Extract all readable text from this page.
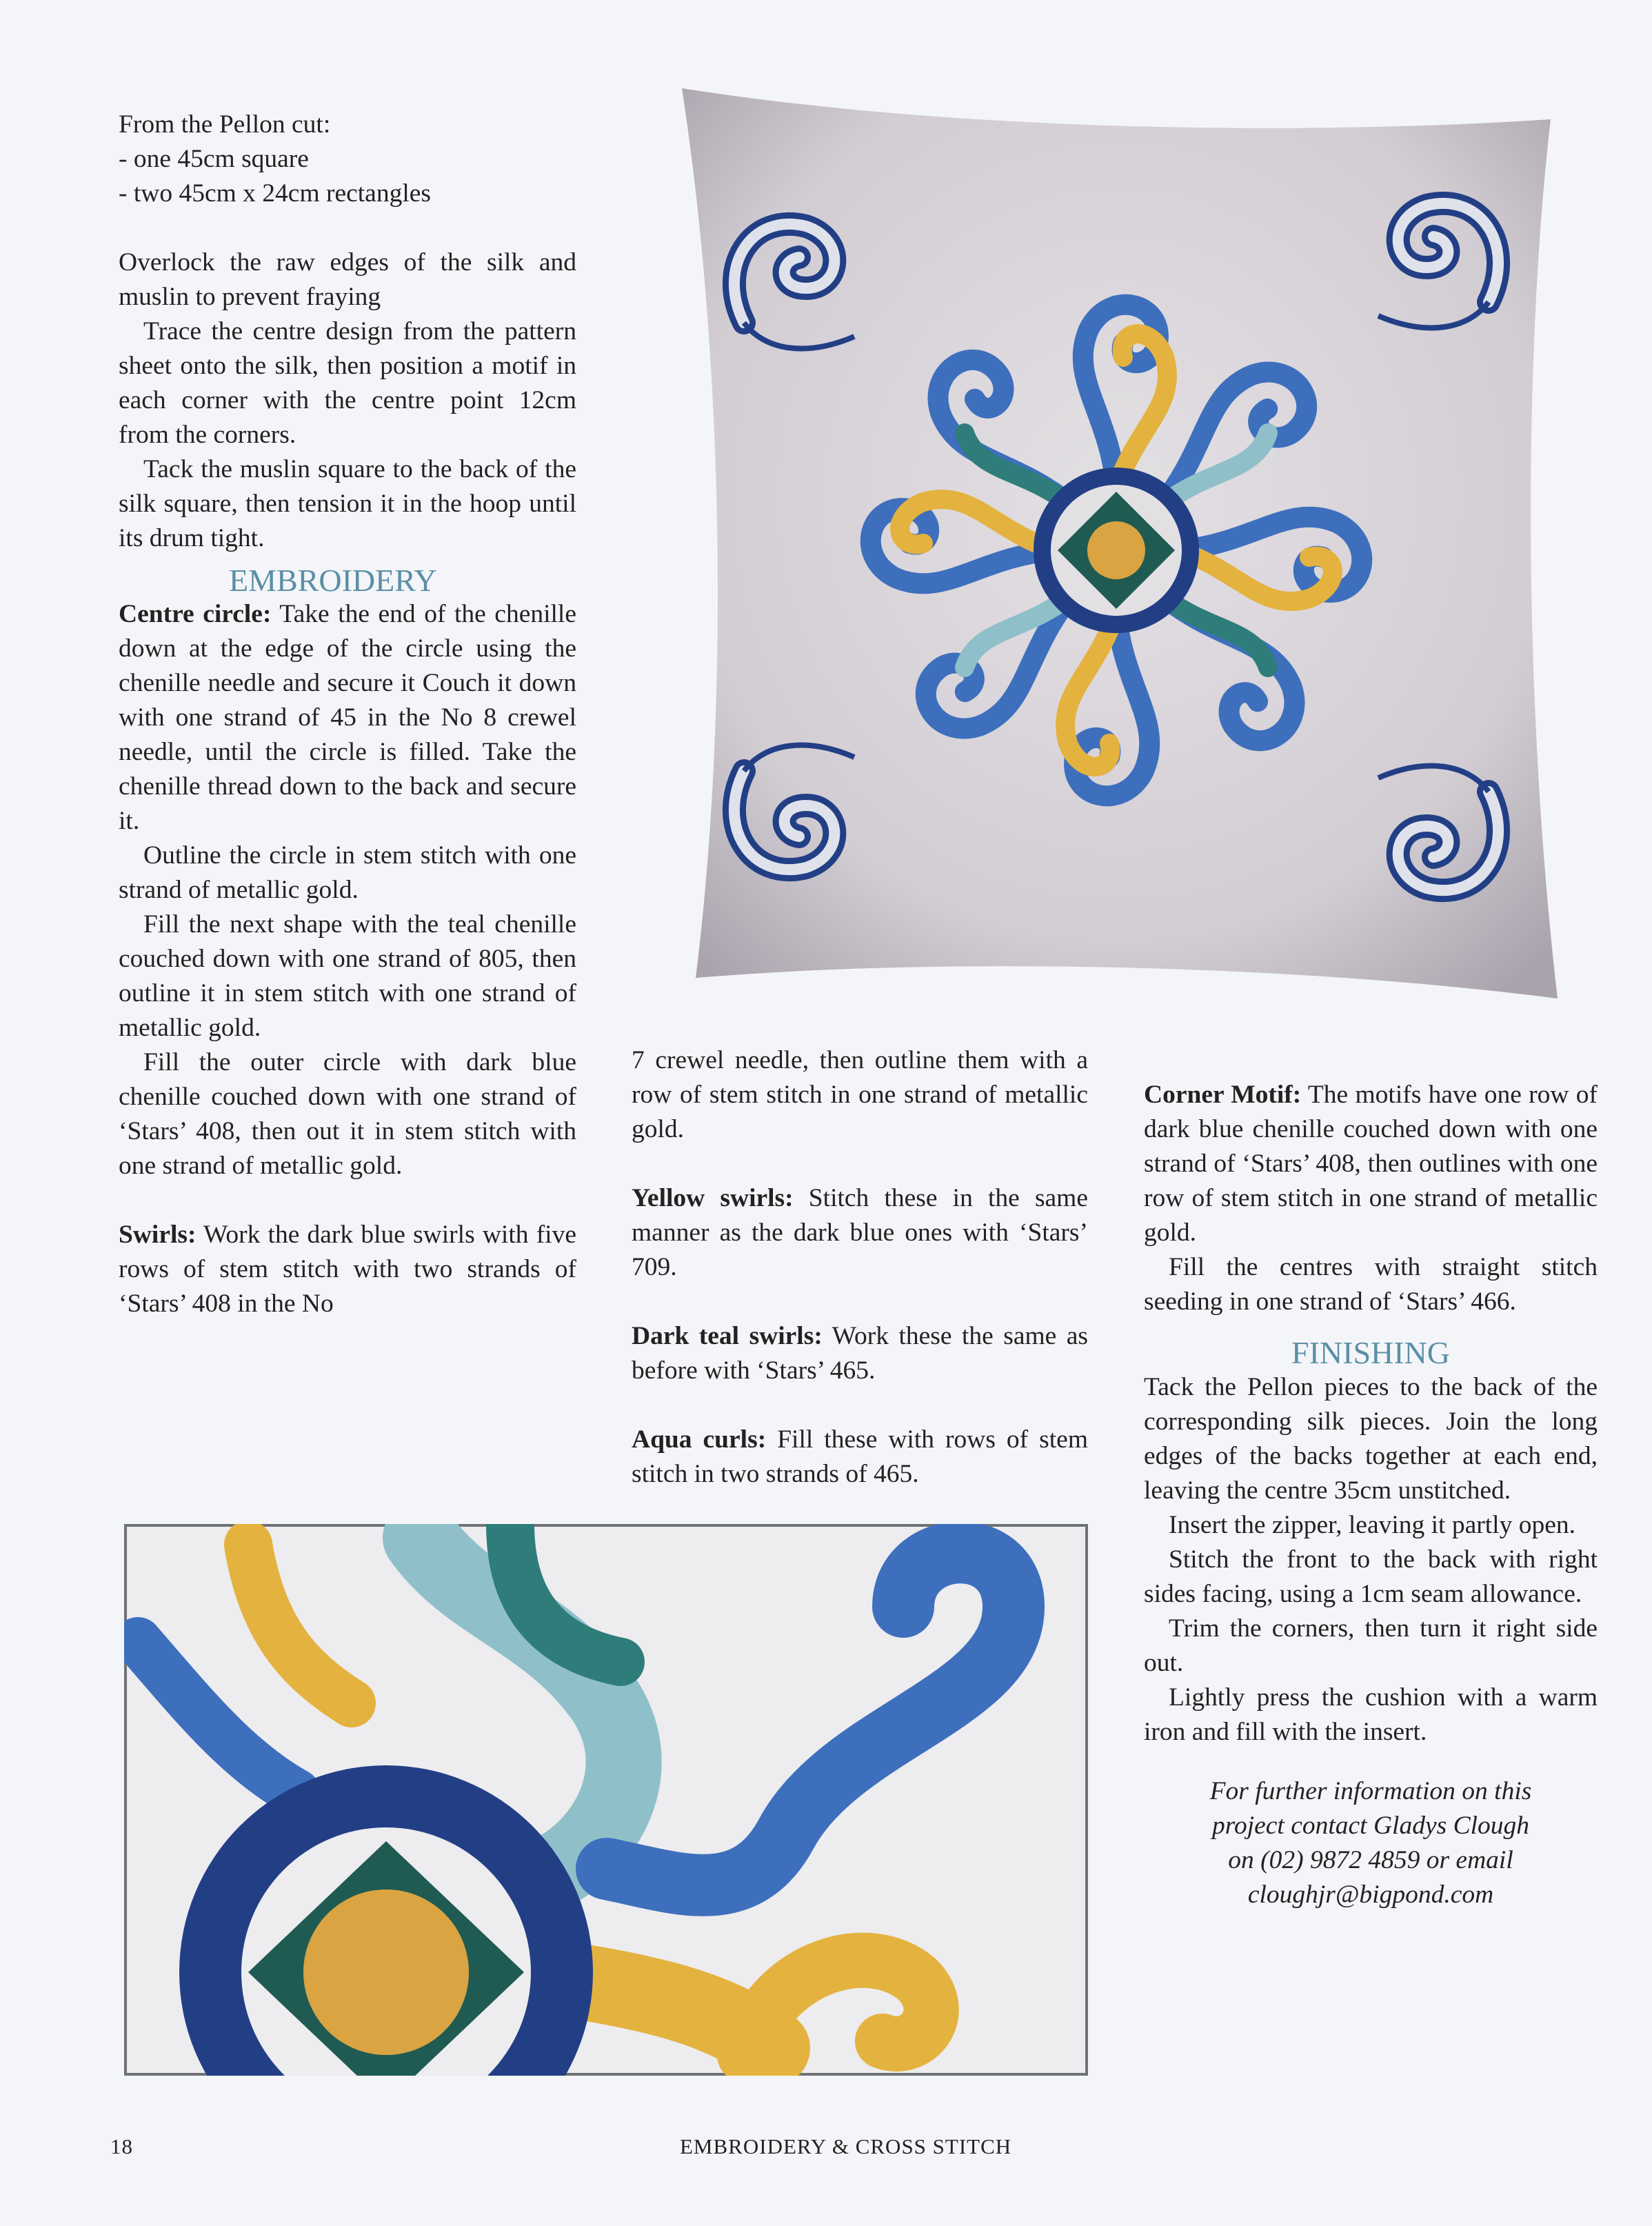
From the Pellon cut:

- one 45cm square

- two 45cm x 24cm rectangles

Overlock the raw edges of the silk and muslin to prevent fraying

Trace the centre design from the pattern sheet onto the silk, then position a motif in each corner with the centre point 12cm from the corners.

Tack the muslin square to the back of the silk square, then tension it in the hoop until its drum tight.

EMBROIDERY

Centre circle: Take the end of the chenille down at the edge of the circle using the chenille needle and secure it Couch it down with one strand of 45 in the No 8 crewel needle, until the circle is filled. Take the chenille thread down to the back and secure it.

Outline the circle in stem stitch with one strand of metallic gold.

Fill the next shape with the teal chenille couched down with one strand of 805, then outline it in stem stitch with one strand of metallic gold.

Fill the outer circle with dark blue chenille couched down with one strand of ‘Stars’ 408, then out it in stem stitch with one strand of metallic gold.

Swirls: Work the dark blue swirls with five rows of stem stitch with two strands of ‘Stars’ 408 in the No

7 crewel needle, then outline them with a row of stem stitch in one strand of metallic gold.

Yellow swirls: Stitch these in the same manner as the dark blue ones with ‘Stars’ 709.

Dark teal swirls: Work these the same as before with ‘Stars’ 465.

Aqua curls: Fill these with rows of stem stitch in two strands of 465.

Corner Motif: The motifs have one row of dark blue chenille couched down with one strand of ‘Stars’ 408, then outlines with one row of stem stitch in one strand of metallic gold.

Fill the centres with straight stitch seeding in one strand of ‘Stars’ 466.

FINISHING

Tack the Pellon pieces to the back of the corresponding silk pieces. Join the long edges of the backs together at each end, leaving the centre 35cm unstitched.

Insert the zipper, leaving it partly open.

Stitch the front to the back with right sides facing, using a 1cm seam allowance.

Trim the corners, then turn it right side out.

Lightly press the cushion with a warm iron and fill with the insert.

For further information on this

project contact Gladys Clough

on (02) 9872 4859 or email

cloughjr@bigpond.com

18	EMBROIDERY & CROSS STITCH
